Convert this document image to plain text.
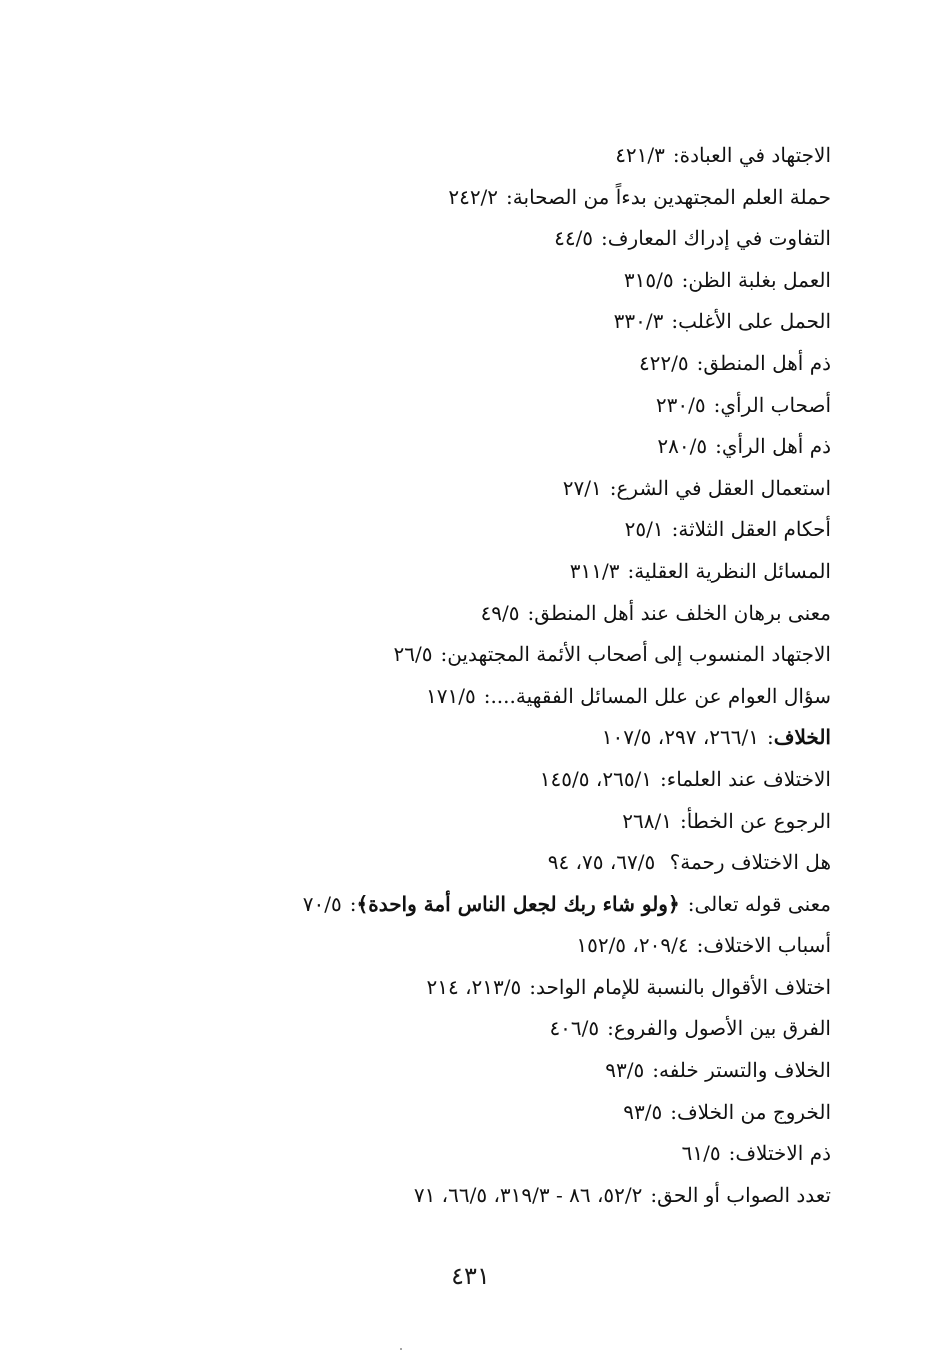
الاجتهاد في العبادة:٤٢١/٣
حملة العلم المجتهدين بدءاً من الصحابة:٢٤٢/٢
التفاوت في إدراك المعارف:٤٤/٥
العمل بغلبة الظن:٣١٥/٥
الحمل على الأغلب:٣٣٠/٣
ذم أهل المنطق:٤٢٢/٥
أصحاب الرأي:٢٣٠/٥
ذم أهل الرأي:٢٨٠/٥
استعمال العقل في الشرع:٢٧/١
أحكام العقل الثلاثة:٢٥/١
المسائل النظرية العقلية:٣١١/٣
معنى برهان الخلف عند أهل المنطق:٤٩/٥
الاجتهاد المنسوب إلى أصحاب الأئمة المجتهدين:٢٦/٥
سؤال العوام عن علل المسائل الفقهية....:١٧١/٥
الخلاف:٢٦٦/١، ٢٩٧، ١٠٧/٥
الاختلاف عند العلماء:٢٦٥/١، ١٤٥/٥
الرجوع عن الخطأ:٢٦٨/١
هل الاختلاف رحمة؟ ٦٧/٥، ٧٥، ٩٤
معنى قوله تعالى:﴿ولو شاء ربك لجعل الناس أمة واحدة﴾:٧٠/٥
أسباب الاختلاف:٢٠٩/٤، ١٥٢/٥
اختلاف الأقوال بالنسبة للإمام الواحد:٢١٣/٥، ٢١٤
الفرق بين الأصول والفروع:٤٠٦/٥
الخلاف والتستر خلفه:٩٣/٥
الخروج من الخلاف:٩٣/٥
ذم الاختلاف:٦١/٥
تعدد الصواب أو الحق:٥٢/٢، ٨٦ - ٣١٩/٣، ٦٦/٥، ٧١
٤٣١
